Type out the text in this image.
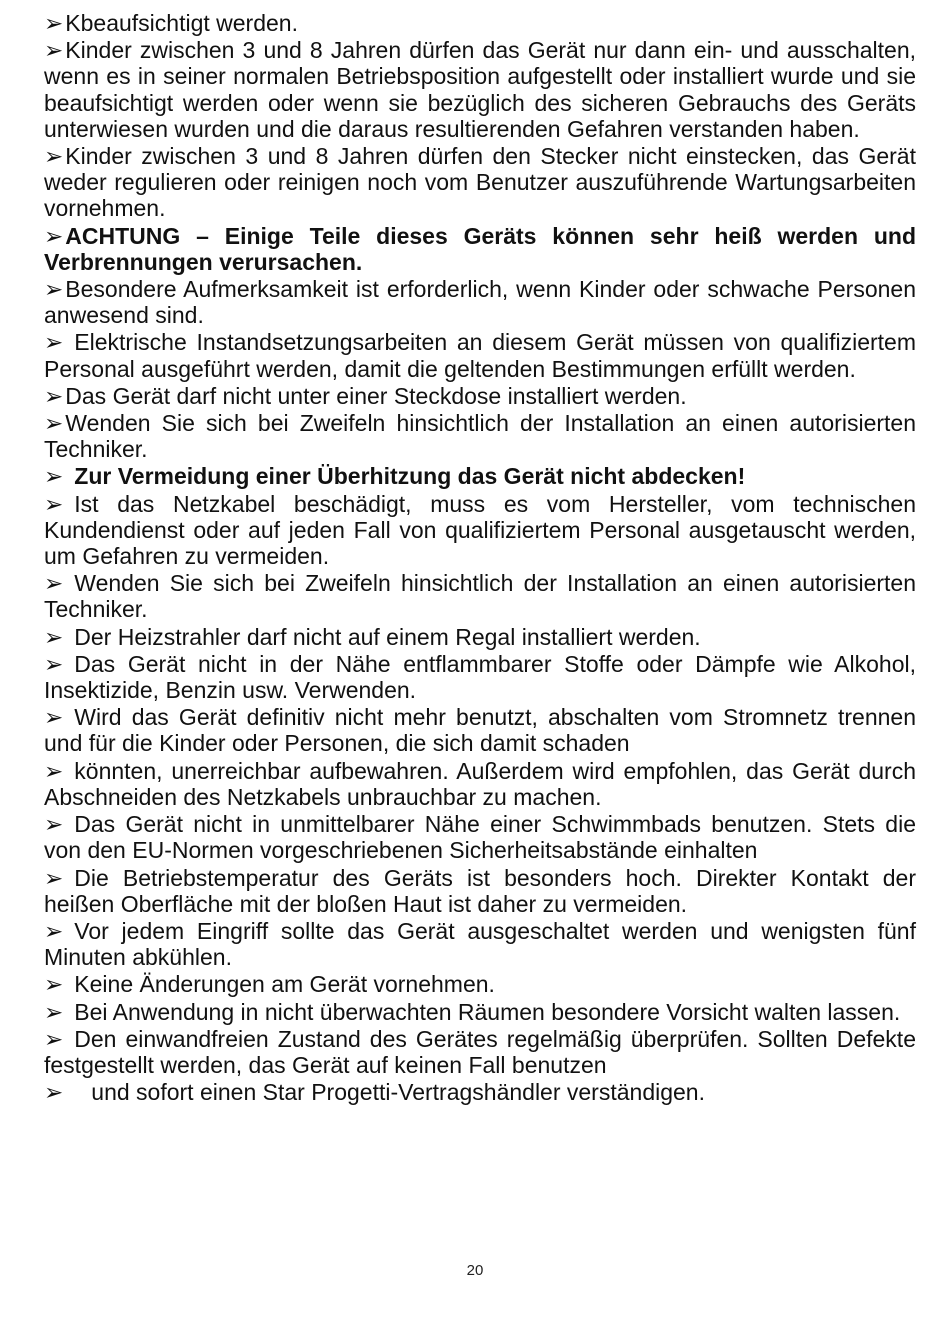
➢Kbeaufsichtigt werden.
➢Kinder zwischen 3 und 8 Jahren dürfen das Gerät nur dann ein- und ausschalten, wenn es in seiner normalen Betriebsposition aufgestellt oder installiert wurde und sie beaufsichtigt werden oder wenn sie bezüglich des sicheren Gebrauchs des Geräts unterwiesen wurden und die daraus resultierenden Gefahren verstanden haben.
➢Kinder zwischen 3 und 8 Jahren dürfen den Stecker nicht einstecken, das Gerät weder regulieren oder reinigen noch vom Benutzer auszuführende Wartungsarbeiten vornehmen.
➢ACHTUNG – Einige Teile dieses Geräts können sehr heiß werden und Verbrennungen verursachen.
➢Besondere Aufmerksamkeit ist erforderlich, wenn Kinder oder schwache Personen anwesend sind.
➢ Elektrische Instandsetzungsarbeiten an diesem Gerät müssen von qualifiziertem Personal ausgeführt werden, damit die geltenden Bestimmungen erfüllt werden.
➢Das Gerät darf nicht unter einer Steckdose installiert werden.
➢Wenden Sie sich bei Zweifeln hinsichtlich der Installation an einen autorisierten Techniker.
➢ Zur Vermeidung einer Überhitzung das Gerät nicht abdecken!
➢ Ist das Netzkabel beschädigt, muss es vom Hersteller, vom technischen Kundendienst oder auf jeden Fall von qualifiziertem Personal ausgetauscht werden, um Gefahren zu vermeiden.
➢ Wenden Sie sich bei Zweifeln hinsichtlich der Installation an einen autorisierten Techniker.
➢ Der Heizstrahler darf nicht auf einem Regal installiert werden.
➢ Das Gerät nicht in der Nähe entflammbarer Stoffe oder Dämpfe wie Alkohol, Insektizide, Benzin usw. Verwenden.
➢ Wird das Gerät definitiv nicht mehr benutzt, abschalten vom Stromnetz trennen und für die Kinder oder Personen, die sich damit schaden
➢ könnten, unerreichbar aufbewahren. Außerdem wird empfohlen, das Gerät durch Abschneiden des Netzkabels unbrauchbar zu machen.
➢ Das Gerät nicht in unmittelbarer Nähe einer Schwimmbads benutzen. Stets die von den EU-Normen vorgeschriebenen Sicherheitsabstände einhalten
➢ Die Betriebstemperatur des Geräts ist besonders hoch. Direkter Kontakt der heißen Oberfläche mit der bloßen Haut ist daher zu vermeiden.
➢ Vor jedem Eingriff sollte das Gerät ausgeschaltet werden und wenigsten fünf Minuten abkühlen.
➢ Keine Änderungen am Gerät vornehmen.
➢ Bei Anwendung in nicht überwachten Räumen besondere Vorsicht walten lassen.
➢ Den einwandfreien Zustand des Gerätes regelmäßig überprüfen. Sollten Defekte festgestellt werden, das Gerät auf keinen Fall benutzen
➢ und sofort einen Star Progetti-Vertragshändler verständigen.
20
